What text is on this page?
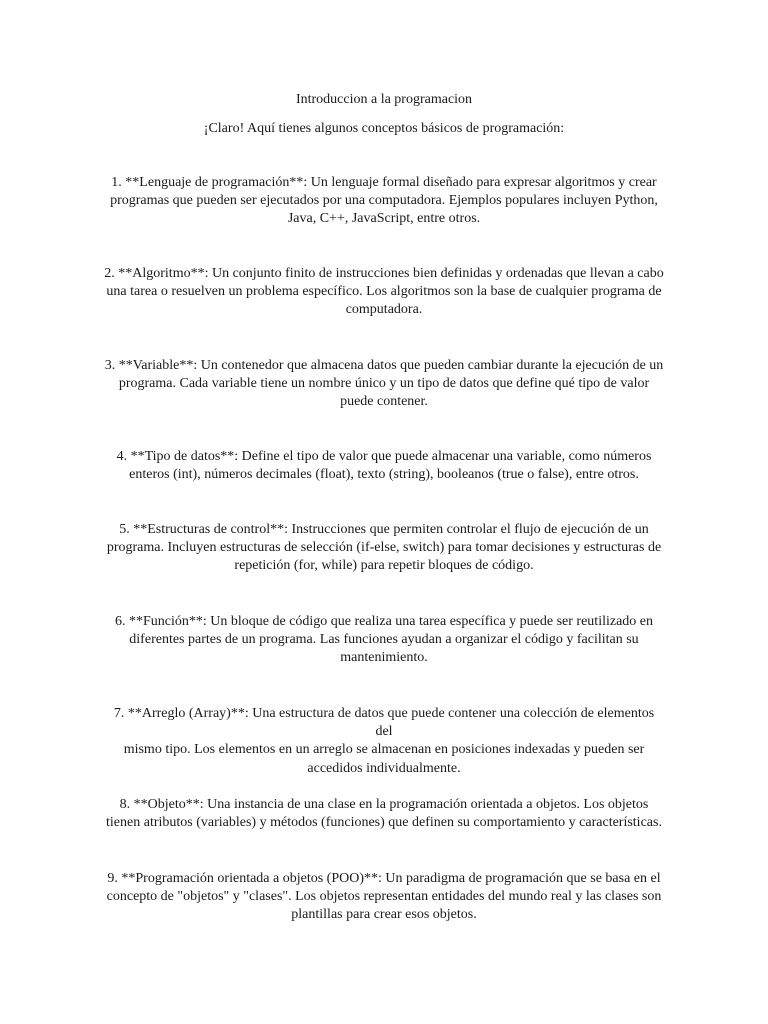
Introduccion a la programacion
¡Claro! Aquí tienes algunos conceptos básicos de programación:

1. **Lenguaje de programación**: Un lenguaje formal diseñado para expresar algoritmos y crear

programas que pueden ser ejecutados por una computadora. Ejemplos populares incluyen Python,

Java, C++, JavaScript, entre otros.

2. **Algoritmo**: Un conjunto finito de instrucciones bien definidas y ordenadas que llevan a cabo

una tarea o resuelven un problema específico. Los algoritmos son la base de cualquier programa de

computadora.

3. **Variable**: Un contenedor que almacena datos que pueden cambiar durante la ejecución de un

programa. Cada variable tiene un nombre único y un tipo de datos que define qué tipo de valor

puede contener.

4. **Tipo de datos**: Define el tipo de valor que puede almacenar una variable, como números

enteros (int), números decimales (float), texto (string), booleanos (true o false), entre otros.

5. **Estructuras de control**: Instrucciones que permiten controlar el flujo de ejecución de un

programa. Incluyen estructuras de selección (if-else, switch) para tomar decisiones y estructuras de

repetición (for, while) para repetir bloques de código.

6. **Función**: Un bloque de código que realiza una tarea específica y puede ser reutilizado en

diferentes partes de un programa. Las funciones ayudan a organizar el código y facilitan su

mantenimiento.

7. **Arreglo (Array)**: Una estructura de datos que puede contener una colección de elementos del

mismo tipo. Los elementos en un arreglo se almacenan en posiciones indexadas y pueden ser

accedidos individualmente.

8. **Objeto**: Una instancia de una clase en la programación orientada a objetos. Los objetos

tienen atributos (variables) y métodos (funciones) que definen su comportamiento y características.

9. **Programación orientada a objetos (POO)**: Un paradigma de programación que se basa en el

concepto de "objetos" y "clases". Los objetos representan entidades del mundo real y las clases son

plantillas para crear esos objetos.
